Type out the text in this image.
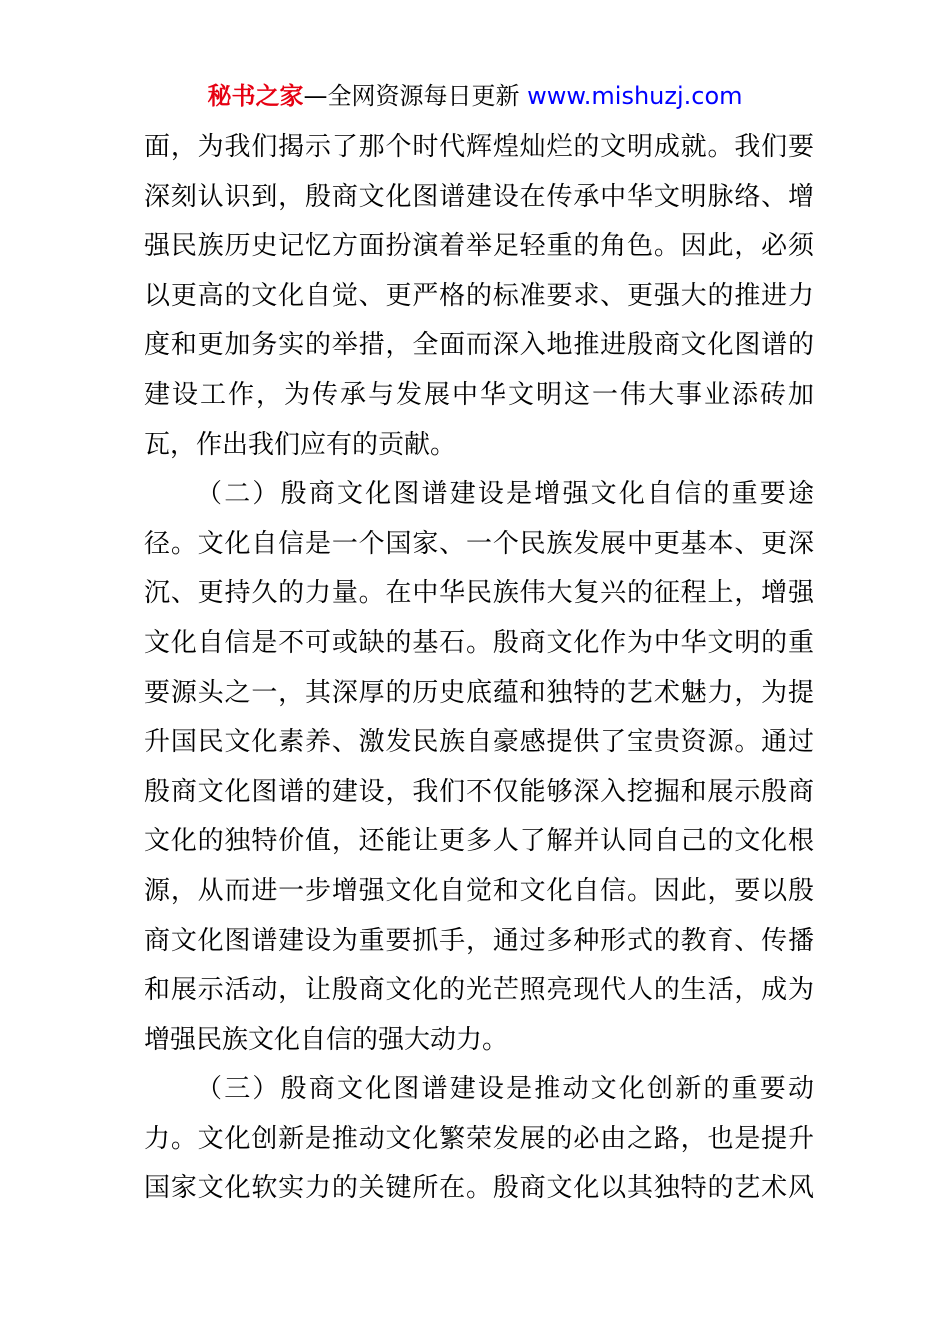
秘书之家—全网资源每日更新 www.mishuzj.com
面，为我们揭示了那个时代辉煌灿烂的文明成就。我们要
深刻认识到，殷商文化图谱建设在传承中华文明脉络、增
强民族历史记忆方面扮演着举足轻重的角色。因此，必须
以更高的文化自觉、更严格的标准要求、更强大的推进力
度和更加务实的举措，全面而深入地推进殷商文化图谱的
建设工作，为传承与发展中华文明这一伟大事业添砖加
瓦，作出我们应有的贡献。
（二）殷商文化图谱建设是增强文化自信的重要途
径。文化自信是一个国家、一个民族发展中更基本、更深
沉、更持久的力量。在中华民族伟大复兴的征程上，增强
文化自信是不可或缺的基石。殷商文化作为中华文明的重
要源头之一，其深厚的历史底蕴和独特的艺术魅力，为提
升国民文化素养、激发民族自豪感提供了宝贵资源。通过
殷商文化图谱的建设，我们不仅能够深入挖掘和展示殷商
文化的独特价值，还能让更多人了解并认同自己的文化根
源，从而进一步增强文化自觉和文化自信。因此，要以殷
商文化图谱建设为重要抓手，通过多种形式的教育、传播
和展示活动，让殷商文化的光芒照亮现代人的生活，成为
增强民族文化自信的强大动力。
（三）殷商文化图谱建设是推动文化创新的重要动
力。文化创新是推动文化繁荣发展的必由之路，也是提升
国家文化软实力的关键所在。殷商文化以其独特的艺术风
